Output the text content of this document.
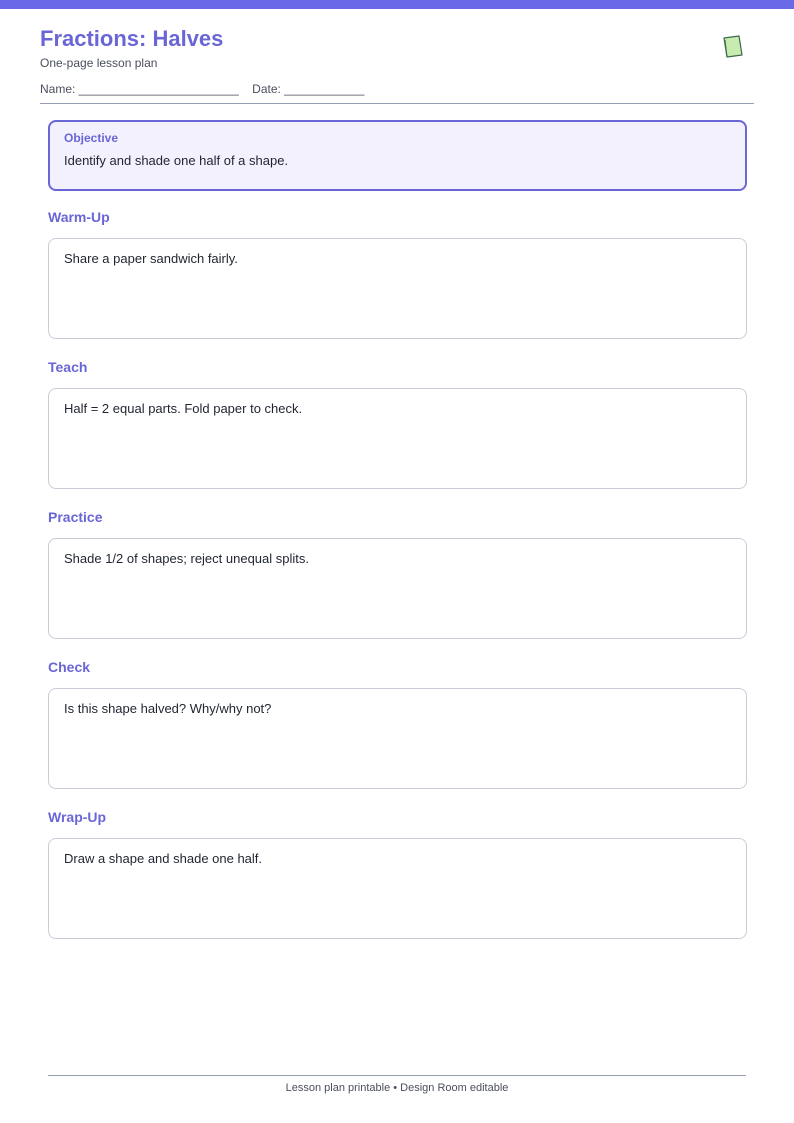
Fractions: Halves
One-page lesson plan
Name: ________________________    Date: ____________
Objective
Identify and shade one half of a shape.
Warm-Up
Share a paper sandwich fairly.
Teach
Half = 2 equal parts. Fold paper to check.
Practice
Shade 1/2 of shapes; reject unequal splits.
Check
Is this shape halved? Why/why not?
Wrap-Up
Draw a shape and shade one half.
Lesson plan printable • Design Room editable
